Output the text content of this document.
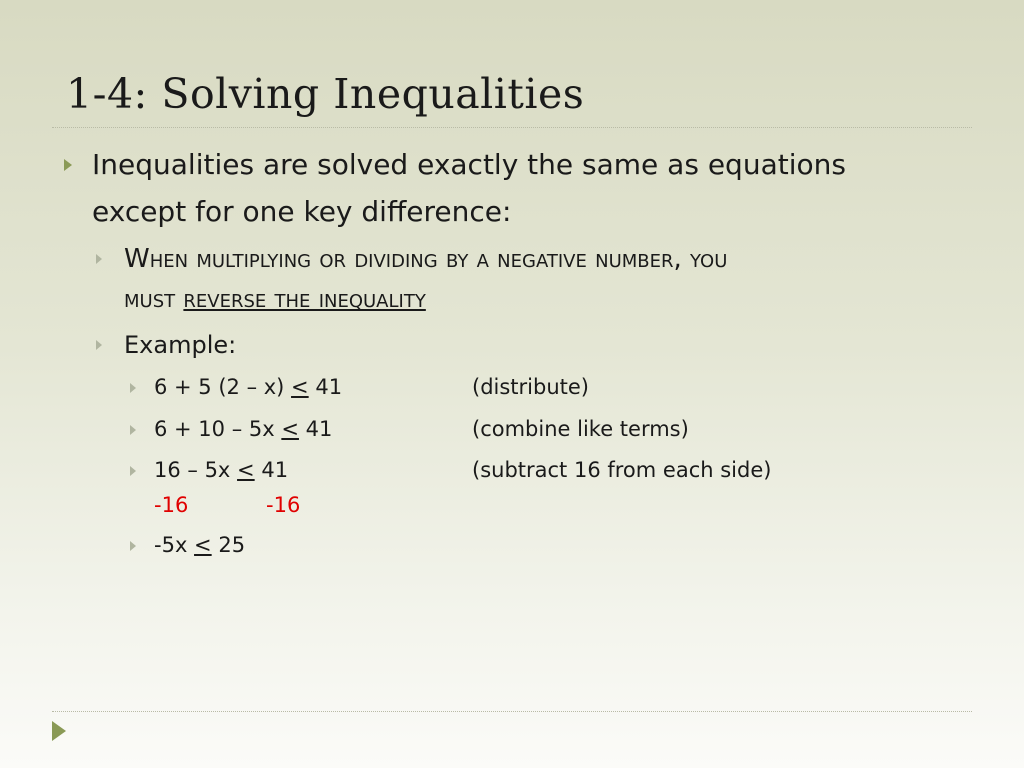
1-4: Solving Inequalities
Inequalities are solved exactly the same as equations
except for one key difference:
When multiplying or dividing by a negative number, you
must reverse the inequality
Example:
6 + 5 (2 – x) ≤ 41	(distribute)
6 + 10 – 5x ≤ 41	(combine like terms)
16 – 5x ≤ 41	(subtract 16 from each side)
-16	-16
-5x ≤ 25
